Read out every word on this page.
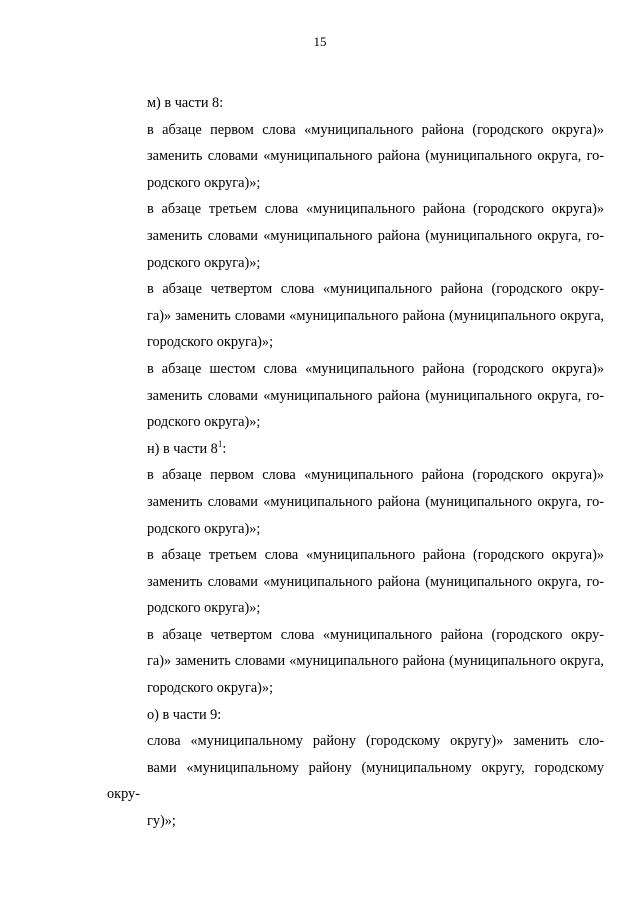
15

м) в части 8:

в абзаце первом слова «муниципального района (городского округа)»
заменить словами «муниципального района (муниципального округа, го-
родского округа)»;

в абзаце третьем слова «муниципального района (городского округа)»
заменить словами «муниципального района (муниципального округа, го-
родского округа)»;

в абзаце четвертом слова «муниципального района (городского окру-
га)» заменить словами «муниципального района (муниципального округа,
городского округа)»;

в абзаце шестом слова «муниципального района (городского округа)»
заменить словами «муниципального района (муниципального округа, го-
родского округа)»;

н) в части $8^1$:

в абзаце первом слова «муниципального района (городского округа)»
заменить словами «муниципального района (муниципального округа, го-
родского округа)»;

в абзаце третьем слова «муниципального района (городского округа)»
заменить словами «муниципального района (муниципального округа, го-
родского округа)»;

в абзаце четвертом слова «муниципального района (городского окру-
га)» заменить словами «муниципального района (муниципального округа,
городского округа)»;

о) в части 9:

слова «муниципальному району (городскому округу)» заменить сло-
вами «муниципальному району (муниципальному округу, городскому окру-
гу)»;
